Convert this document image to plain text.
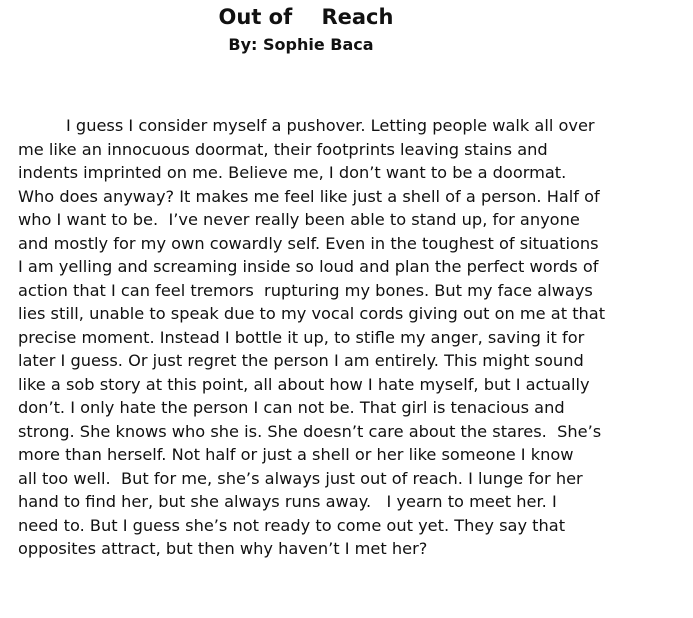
Out of    Reach
By: Sophie Baca
I guess I consider myself a pushover. Letting people walk all over
me like an innocuous doormat, their footprints leaving stains and
indents imprinted on me. Believe me, I don’t want to be a doormat.
Who does anyway? It makes me feel like just a shell of a person. Half of
who I want to be.  I’ve never really been able to stand up, for anyone
and mostly for my own cowardly self. Even in the toughest of situations
I am yelling and screaming inside so loud and plan the perfect words of
action that I can feel tremors  rupturing my bones. But my face always
lies still, unable to speak due to my vocal cords giving out on me at that
precise moment. Instead I bottle it up, to stifle my anger, saving it for
later I guess. Or just regret the person I am entirely. This might sound
like a sob story at this point, all about how I hate myself, but I actually
don’t. I only hate the person I can not be. That girl is tenacious and
strong. She knows who she is. She doesn’t care about the stares.  She’s
more than herself. Not half or just a shell or her like someone I know
all too well.  But for me, she’s always just out of reach. I lunge for her
hand to find her, but she always runs away.   I yearn to meet her. I
need to. But I guess she’s not ready to come out yet. They say that
opposites attract, but then why haven’t I met her?
